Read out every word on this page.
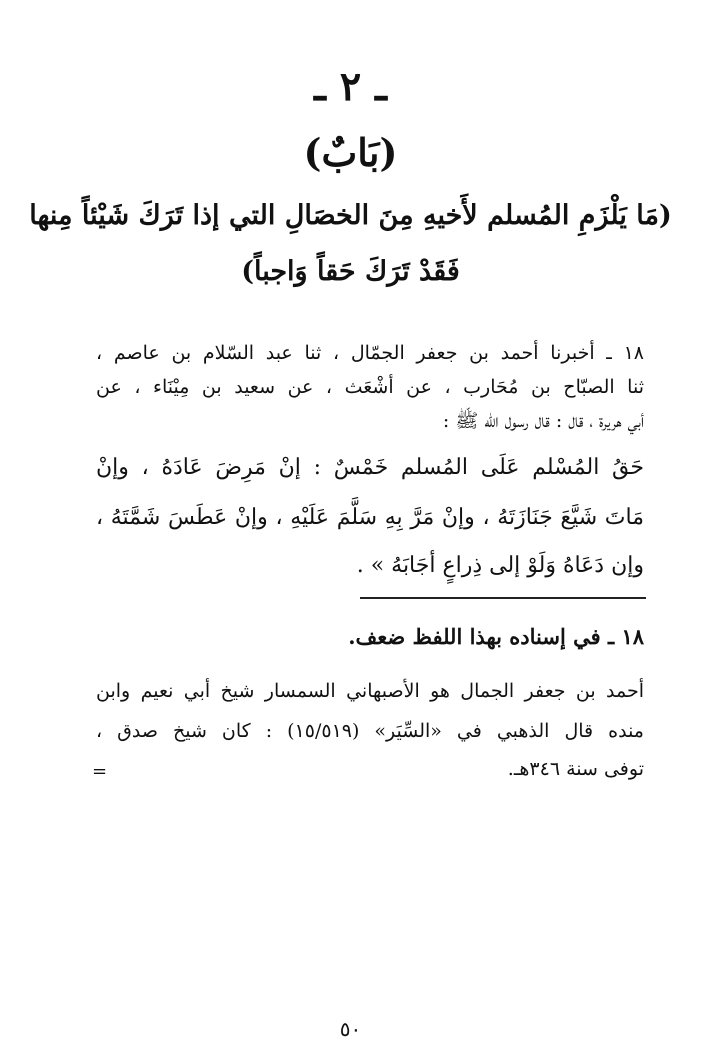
ـ ٢ ـ
(بَابٌ)
(مَا يَلْزَمِ المُسلم لأَخيهِ مِنَ الخصَالِ التي إذا تَرَكَ شَيْئاً مِنها
فَقَدْ تَرَكَ حَقاً وَاجباً)
١٨ ـ أخبرنا أحمد بن جعفر الجمّال ، ثنا عبد السّلام بن عاصم ،
ثنا الصبّاح بن مُحَارب ، عن أشْعَث ، عن سعيد بن مِيْنَاء ، عن
أبي هريرة ، قال : قال رسول الله ﷺ :
حَقُ المُسْلم عَلَى المُسلم خَمْسٌ : إنْ مَرِضَ عَادَهُ ، وإنْ
مَاتَ شَيَّعَ جَنَازَتَهُ ، وإنْ مَرَّ بِهِ سَلَّمَ عَلَيْهِ ، وإنْ عَطَسَ شَمَّتَهُ ،
وإن دَعَاهُ وَلَوْ إلى ذِراعٍ أجَابَهُ » .
١٨ ـ في إسناده بهذا اللفظ ضعف.
أحمد بن جعفر الجمال هو الأصبهاني السمسار شيخ أبي نعيم وابن
منده قال الذهبي في «السِّيَر» (١٥/٥١٩) : كان شيخ صدق ،
توفى سنة ٣٤٦هـ.
=
٥٠
